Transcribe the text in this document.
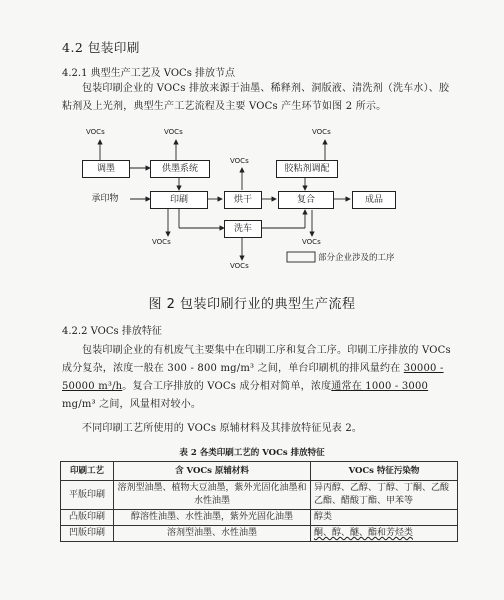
4.2 包装印刷
4.2.1 典型生产工艺及 VOCs 排放节点
包装印刷企业的 VOCs 排放来源于油墨、稀释剂、洞版液、清洗剂（洗车水）、胶粘剂及上光剂，典型生产工艺流程及主要 VOCs 产生环节如图 2 所示。
VOCs	VOCs
VOCs
VOCs
VOCs
VOCs
VOCs
调墨	供墨系统	胶粘剂调配
承印物	印刷	烘干	复合	成品
洗车
部分企业涉及的工序
图 2 包装印刷行业的典型生产流程
4.2.2 VOCs 排放特征
包装印刷企业的有机废气主要集中在印刷工序和复合工序。印刷工序排放的 VOCs 成分复杂，浓度一般在 300 - 800 mg/m³ 之间，单台印刷机的排风量约在 30000 - 50000 m³/h。复合工序排放的 VOCs 成分相对简单，浓度通常在 1000 - 3000 mg/m³ 之间，风量相对较小。
不同印刷工艺所使用的 VOCs 原辅材料及其排放特征见表 2。
表 2 各类印刷工艺的 VOCs 排放特征
印刷工艺	含 VOCs 原辅材料	VOCs 特征污染物
平版印刷	溶剂型油墨、植物大豆油墨，紫外光固化油墨和水性油墨	异丙醇、乙醇、丁醇、丁酮、乙酸乙酯、醋酸丁酯、甲苯等
凸版印刷	醇溶性油墨、水性油墨，紫外光固化油墨	醇类
凹版印刷	溶剂型油墨、水性油墨	酮、醇、醚、酯和芳烃类
